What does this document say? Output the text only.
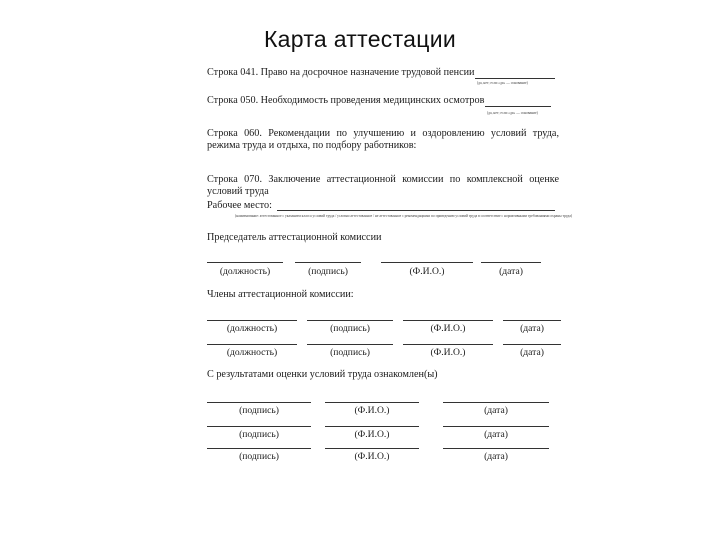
Карта аттестации
Строка 041. Право на досрочное назначение трудовой пенсии
(да, нет; если «да» — основание)
Строка 050. Необходимость проведения медицинских осмотров
(да, нет; если «да» — основание)
Строка 060. Рекомендации по улучшению и оздоровлению условий труда, режима труда и отдыха, по подбору работников:
Строка 070. Заключение аттестационной комиссии по комплексной оценке условий труда
Рабочее место:
(наименование: аттестованное с указанием класса условий труда / условно аттестованное / не аттестованное с рекомендациями по приведению условий труда в соответствие с нормативными требованиями охраны труда)
Председатель аттестационной комиссии
(должность)	(подпись)	(Ф.И.О.)	(дата)
Члены аттестационной комиссии:
(должность)	(подпись)	(Ф.И.О.)	(дата)
(должность)	(подпись)	(Ф.И.О.)	(дата)
С результатами оценки условий труда ознакомлен(ы)
(подпись)	(Ф.И.О.)	(дата)
(подпись)	(Ф.И.О.)	(дата)
(подпись)	(Ф.И.О.)	(дата)
